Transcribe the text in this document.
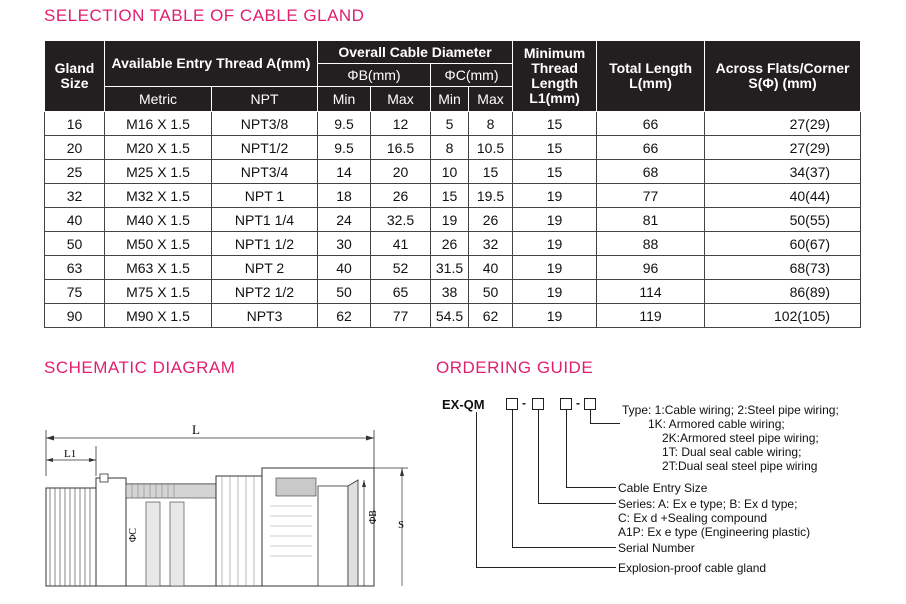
SELECTION TABLE OF CABLE GLAND
Gland Size	Available Entry Thread A(mm)		Overall Cable Diameter				Minimum Thread Length L1(mm)	Total Length L(mm)	Across Flats/Corner S(Φ) (mm)
			ΦB(mm)		ΦC(mm)				
	Metric	NPT	Min	Max	Min	Max			
16	M16 X 1.5	NPT3/8	9.5	12	5	8	15	66	27(29)
20	M20 X 1.5	NPT1/2	9.5	16.5	8	10.5	15	66	27(29)
25	M25 X 1.5	NPT3/4	14	20	10	15	15	68	34(37)
32	M32 X 1.5	NPT 1	18	26	15	19.5	19	77	40(44)
40	M40 X 1.5	NPT1 1/4	24	32.5	19	26	19	81	50(55)
50	M50 X 1.5	NPT1 1/2	30	41	26	32	19	88	60(67)
63	M63 X 1.5	NPT 2	40	52	31.5	40	19	96	68(73)
75	M75 X 1.5	NPT2 1/2	50	65	38	50	19	114	86(89)
90	M90 X 1.5	NPT3	62	77	54.5	62	19	119	102(105)
SCHEMATIC DIAGRAM
L
L1
ΦC
ΦB
S
ORDERING GUIDE
EX-QM	-	-	Type: 1:Cable wiring; 2:Steel pipe wiring;
1K: Armored cable wiring;
2K:Armored steel pipe wiring;
1T: Dual seal cable wiring;
2T:Dual seal steel pipe wiring
Cable Entry Size
Series: A: Ex e type; B: Ex d type;
C: Ex d +Sealing compound
A1P: Ex e type (Engineering plastic)
Serial Number
Explosion-proof cable gland
